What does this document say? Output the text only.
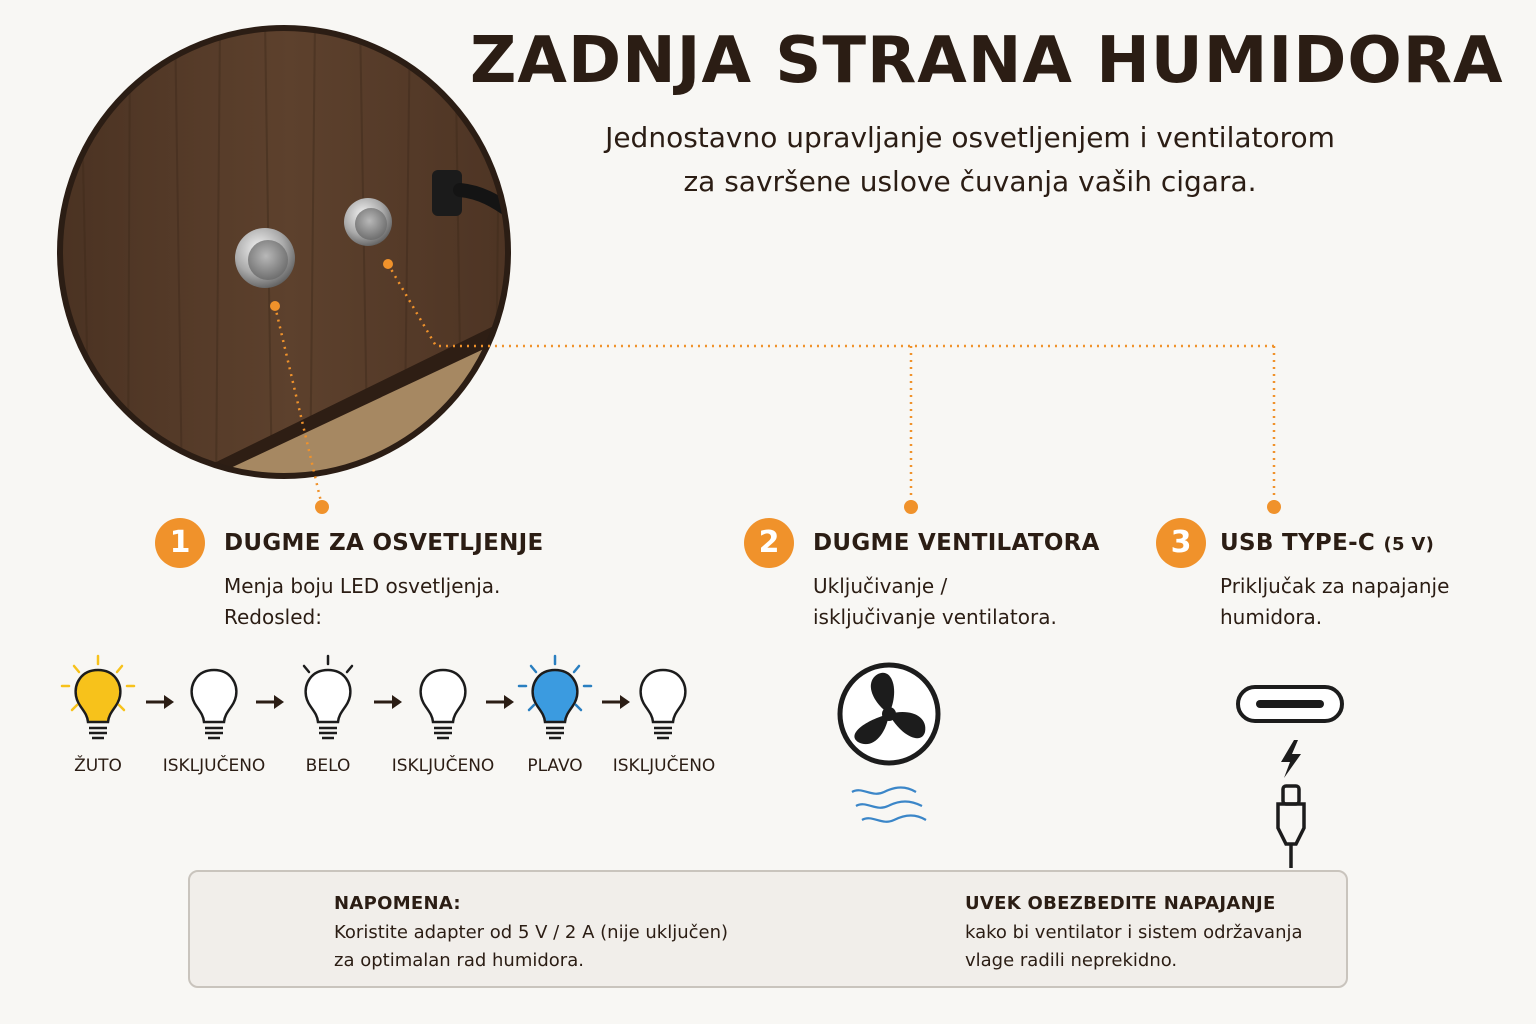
ZADNJA STRANA HUMIDORA
Jednostavno upravljanje osvetljenjem i ventilatorom
za savršene uslove čuvanja vaših cigara.
1	DUGME ZA OSVETLJENJE
Menja boju LED osvetljenja.
Redosled:
2	DUGME VENTILATORA
Uključivanje /
isključivanje ventilatora.
3	USB TYPE-C (5 V)
Priključak za napajanje
humidora.
ŽUTO	ISKLJUČENO	BELO	ISKLJUČENO	PLAVO	ISKLJUČENO
NAPOMENA:
Koristite adapter od 5 V / 2 A (nije uključen)
za optimalan rad humidora.
UVEK OBEZBEDITE NAPAJANJE
kako bi ventilator i sistem održavanja
vlage radili neprekidno.
